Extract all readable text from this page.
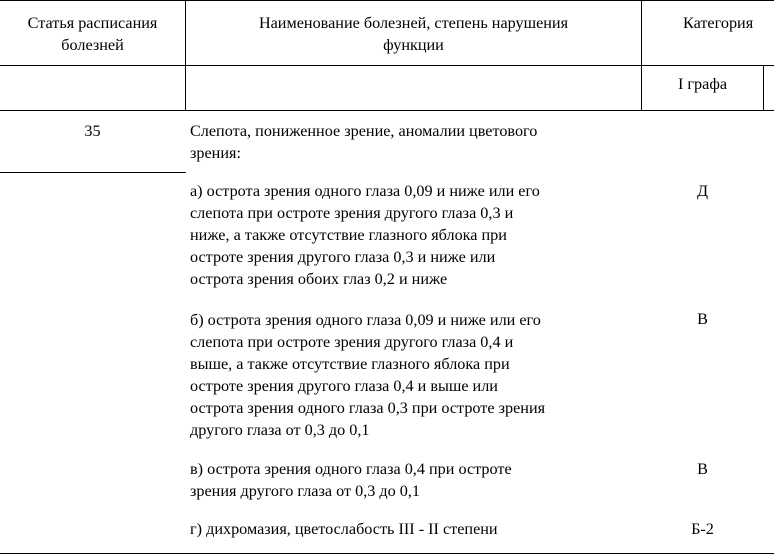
Статья расписания
болезней
Наименование болезней, степень нарушения
функции
Категория
I графа
35	Слепота, пониженное зрение, аномалии цветового
зрения:
а) острота зрения одного глаза 0,09 и ниже или его
слепота при остроте зрения другого глаза 0,3 и
ниже, а также отсутствие глазного яблока при
остроте зрения другого глаза 0,3 и ниже или
острота зрения обоих глаз 0,2 и ниже
Д
б) острота зрения одного глаза 0,09 и ниже или его
слепота при остроте зрения другого глаза 0,4 и
выше, а также отсутствие глазного яблока при
остроте зрения другого глаза 0,4 и выше или
острота зрения одного глаза 0,3 при остроте зрения
другого глаза от 0,3 до 0,1
В
в) острота зрения одного глаза 0,4 при остроте
зрения другого глаза от 0,3 до 0,1
В
г) дихромазия, цветослабость III - II степени	Б-2
